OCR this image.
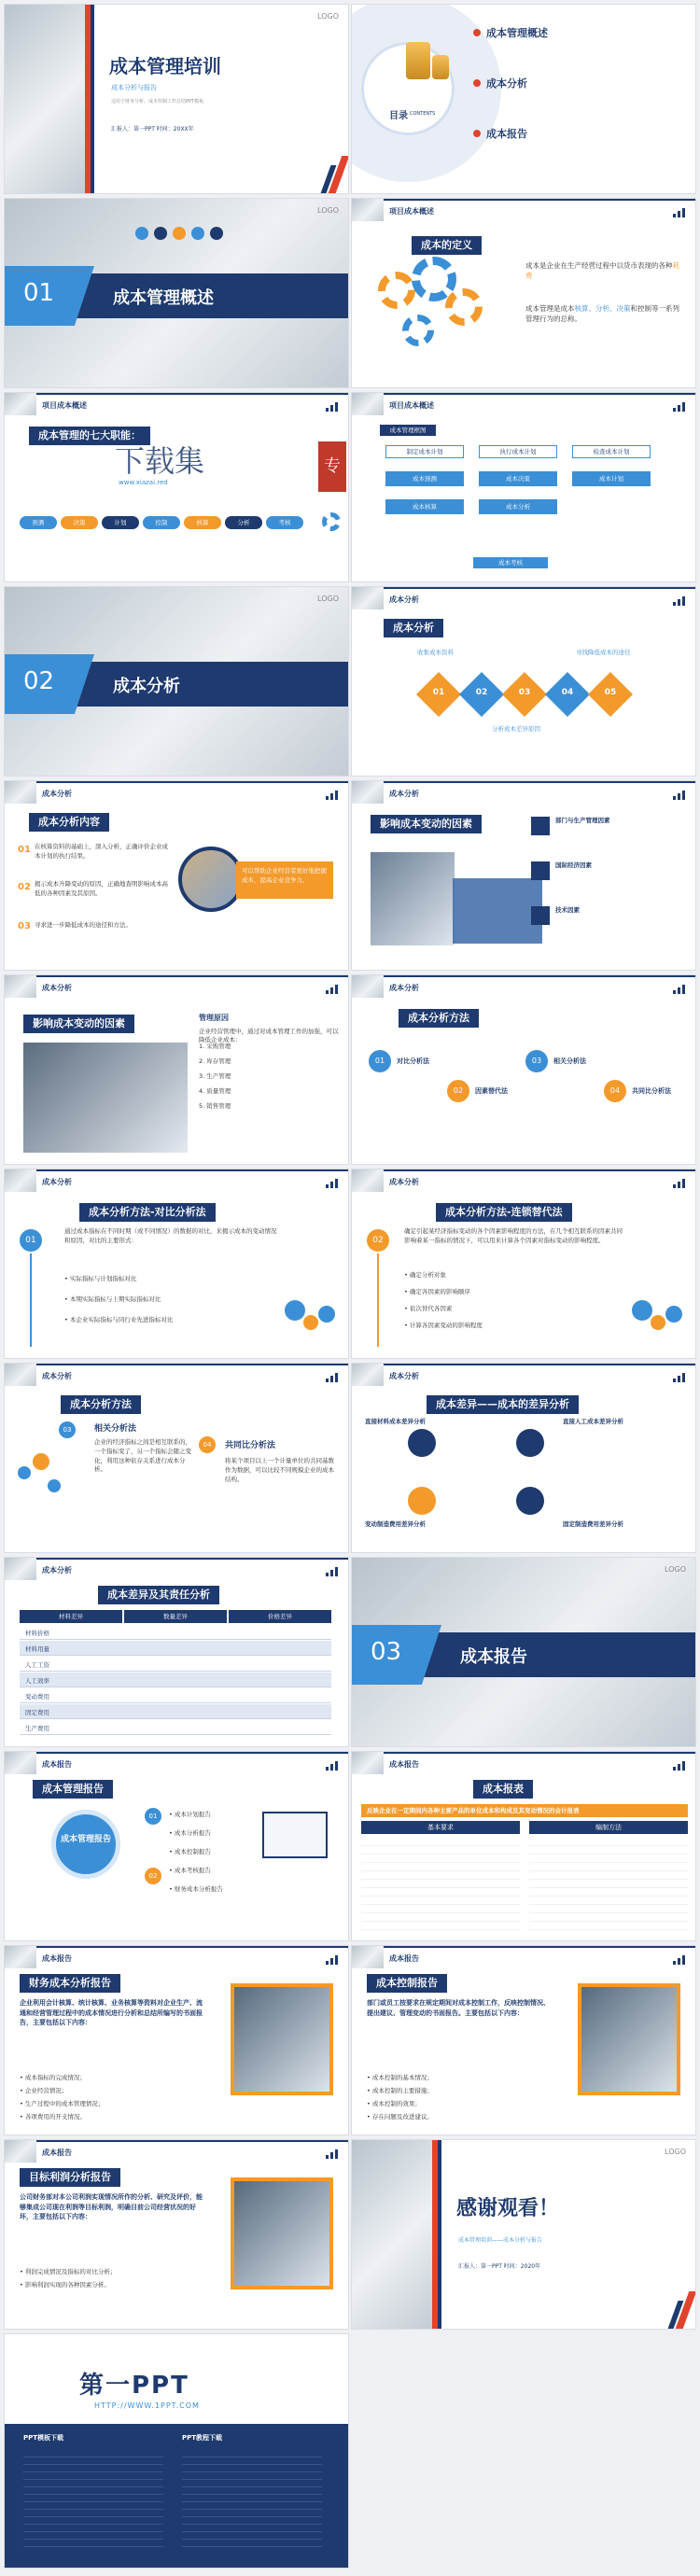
LOGO
成本管理培训
成本分析与报告
适用于财务分析、成本控制工作总结PPT模板
汇报人：第一PPT 时间：20XX年
目录 CONTENTS
成本管理概述
成本分析
成本报告
LOGO
01	成本管理概述
项目成本概述
成本的定义
成本是企业在生产经营过程中以货币表现的各种耗费
成本管理是成本核算、分析、决策和控制等一系列管理行为的总称。
项目成本概述
成本管理的七大职能：
下载集
www.xiazai.red
专业
预测	决策	计划	控制	核算	分析	考核
项目成本概述
成本管理框图
制定成本计划	执行成本计划	检查成本计划
成本预测	成本决策	成本计划
成本核算	成本分析
成本考核
LOGO
02	成本分析
成本分析
成本分析
收集成本资料	寻找降低成本的途径
分析成本差异原因
01	02	03	04	05
成本分析
成本分析内容
01 在核算资料的基础上，深入分析，正确评价企业成本计划的执行结果。
02 揭示成本升降变动的原因，正确地查明影响成本高低的各种因素及其原因。
03 寻求进一步降低成本的途径和方法。
可以帮助企业经营者更好地把握成本，提高企业竞争力。
成本分析
影响成本变动的因素	部门与生产管理因素
国际经济因素
技术因素
成本分析
影响成本变动的因素	管理原因
企业经营管理中，通过对成本管理工作的加强，可以降低企业成本：
1. 采购管理
2. 库存管理
3. 生产管理
4. 质量管理
5. 销售管理
成本分析
成本分析方法
01	对比分析法
02	因素替代法
03	相关分析法
04	共同比分析法
成本分析
成本分析方法-对比分析法
01
通过成本指标在不同时期（或不同情况）的数据的对比，来揭示成本的变动情况和原因，对比的主要形式：
• 实际指标与计划指标对比
• 本期实际指标与上期实际指标对比
• 本企业实际指标与同行业先进指标对比
成本分析
成本分析方法-连锁替代法
02
确定引起某经济指标变动的各个因素影响程度的方法，在几个相互联系的因素共同影响着某一指标的情况下，可以用来计算各个因素对指标变动的影响程度。
• 确定分析对象
• 确定各因素的影响顺序
• 依次替代各因素
• 计算各因素变动的影响程度
成本分析
成本分析方法
03	相关分析法
企业的经济指标之间是相互联系的，一个指标变了，另一个指标会随之变化，利用这种依存关系进行成本分析。
04	共同比分析法
将某个项目以上一个计量单位的共同基数作为数据，可以比较不同规模企业的成本结构。
成本分析
成本差异——成本的差异分析
直接材料成本差异分析	直接人工成本差异分析
变动制造费用差异分析	固定制造费用差异分析
成本分析
成本差异及其责任分析
材料差异	数量差异	价格差异
材料价格
材料用量
人工工资
人工效率
变动费用
固定费用
生产费用
LOGO
03	成本报告
成本报告
成本管理报告
成本管理报告
01
02
• 成本计划报告
• 成本分析报告
• 成本控制报告
• 成本考核报告
• 财务成本分析报告
成本报告
成本报表
反映企业在一定期间内各种主要产品的单位成本和构成及其变动情况的会计报表
基本要求	编制方法
成本报告
财务成本分析报告
企业利用会计核算、统计核算、业务核算等资料对企业生产、流通和经营管理过程中的成本情况进行分析和总结所编写的书面报告，主要包括以下内容：
• 成本指标的完成情况；
• 企业经营情况；
• 生产过程中的成本管理情况；
• 各项费用的开支情况。
成本报告
成本控制报告
部门或员工按要求在规定期间对成本控制工作，反映控制情况、提出建议、管理变动的书面报告。主要包括以下内容：
• 成本控制的基本情况；
• 成本控制的主要措施；
• 成本控制的效果；
• 存在问题及改进建议。
成本报告
目标利润分析报告
公司财务部对本公司利润实现情况所作的分析、研究及评价，能够集成公司现在利润等目标利润，明确目前公司经营状况的好坏，主要包括以下内容：
• 利润完成情况及指标的对比分析；
• 影响利润实现的各种因素分析。
LOGO
感谢观看！
成本管理培训——成本分析与报告
汇报人：第一PPT 时间：2020年
第一PPT
HTTP://WWW.1PPT.COM
PPT模板下载	PPT教程下载
